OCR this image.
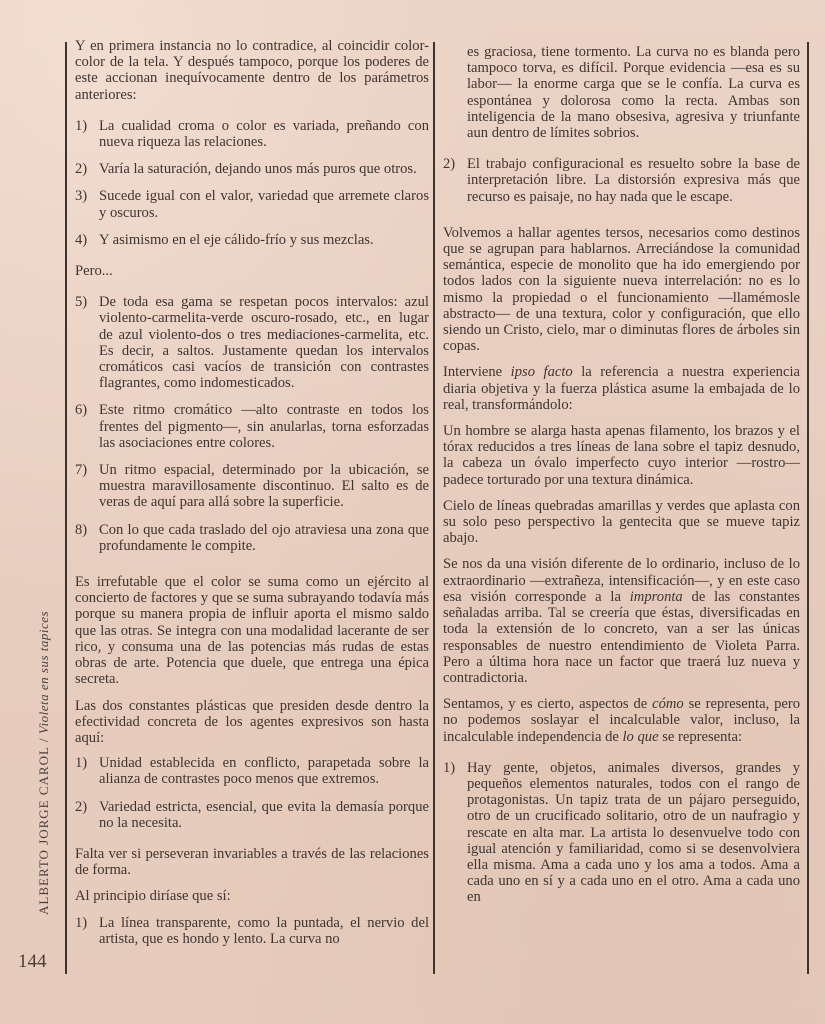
ALBERTO JORGE CAROL/Violeta en sus tapices
144

Y en primera instancia no lo contradice, al coincidir color-color de la tela. Y después tampoco, porque los poderes de este accionan inequívocamente dentro de los parámetros anteriores:

1) La cualidad croma o color es variada, preñando con nueva riqueza las relaciones.
2) Varía la saturación, dejando unos más puros que otros.
3) Sucede igual con el valor, variedad que arremete claros y oscuros.
4) Y asimismo en el eje cálido-frío y sus mezclas.

Pero...

5) De toda esa gama se respetan pocos intervalos: azul violento-carmelita-verde oscuro-rosado, etc., en lugar de azul violento-dos o tres mediaciones-carmelita, etc. Es decir, a saltos. Justamente quedan los intervalos cromáticos casi vacíos de transición con contrastes flagrantes, como indomesticados.
6) Este ritmo cromático —alto contraste en todos los frentes del pigmento—, sin anularlas, torna esforzadas las asociaciones entre colores.
7) Un ritmo espacial, determinado por la ubicación, se muestra maravillosamente discontinuo. El salto es de veras de aquí para allá sobre la superficie.
8) Con lo que cada traslado del ojo atraviesa una zona que profundamente le compite.

Es irrefutable que el color se suma como un ejército al concierto de factores y que se suma subrayando todavía más porque su manera propia de influir aporta el mismo saldo que las otras. Se integra con una modalidad lacerante de ser rico, y consuma una de las potencias más rudas de estas obras de arte. Potencia que duele, que entrega una épica secreta.

Las dos constantes plásticas que presiden desde dentro la efectividad concreta de los agentes expresivos son hasta aquí:

1) Unidad establecida en conflicto, parapetada sobre la alianza de contrastes poco menos que extremos.
2) Variedad estricta, esencial, que evita la demasía porque no la necesita.

Falta ver si perseveran invariables a través de las relaciones de forma.

Al principio diríase que sí:

1) La línea transparente, como la puntada, el nervio del artista, que es hondo y lento. La curva no

es graciosa, tiene tormento. La curva no es blanda pero tampoco torva, es difícil. Porque evidencia —esa es su labor— la enorme carga que se le confía. La curva es espontánea y dolorosa como la recta. Ambas son inteligencia de la mano obsesiva, agresiva y triunfante aun dentro de límites sobrios.

2) El trabajo configuracional es resuelto sobre la base de interpretación libre. La distorsión expresiva más que recurso es paisaje, no hay nada que le escape.

Volvemos a hallar agentes tersos, necesarios como destinos que se agrupan para hablarnos. Arreciándose la comunidad semántica, especie de monolito que ha ido emergiendo por todos lados con la siguiente nueva interrelación: no es lo mismo la propiedad o el funcionamiento —llamémosle abstracto— de una textura, color y configuración, que ello siendo un Cristo, cielo, mar o diminutas flores de árboles sin copas.

Interviene ipso facto la referencia a nuestra experiencia diaria objetiva y la fuerza plástica asume la embajada de lo real, transformándolo:

Un hombre se alarga hasta apenas filamento, los brazos y el tórax reducidos a tres líneas de lana sobre el tapiz desnudo, la cabeza un óvalo imperfecto cuyo interior —rostro— padece torturado por una textura dinámica.

Cielo de líneas quebradas amarillas y verdes que aplasta con su solo peso perspectivo la gentecita que se mueve tapiz abajo.

Se nos da una visión diferente de lo ordinario, incluso de lo extraordinario —extrañeza, intensificación—, y en este caso esa visión corresponde a la impronta de las constantes señaladas arriba. Tal se creería que éstas, diversificadas en toda la extensión de lo concreto, van a ser las únicas responsables de nuestro entendimiento de Violeta Parra. Pero a última hora nace un factor que traerá luz nueva y contradictoria.

Sentamos, y es cierto, aspectos de cómo se representa, pero no podemos soslayar el incalculable valor, incluso, la incalculable independencia de lo que se representa:

1) Hay gente, objetos, animales diversos, grandes y pequeños elementos naturales, todos con el rango de protagonistas. Un tapiz trata de un pájaro perseguido, otro de un crucificado solitario, otro de un naufragio y rescate en alta mar. La artista lo desenvuelve todo con igual atención y familiaridad, como si se desenvolviera ella misma. Ama a cada uno y los ama a todos. Ama a cada uno en sí y a cada uno en el otro. Ama a cada uno en
